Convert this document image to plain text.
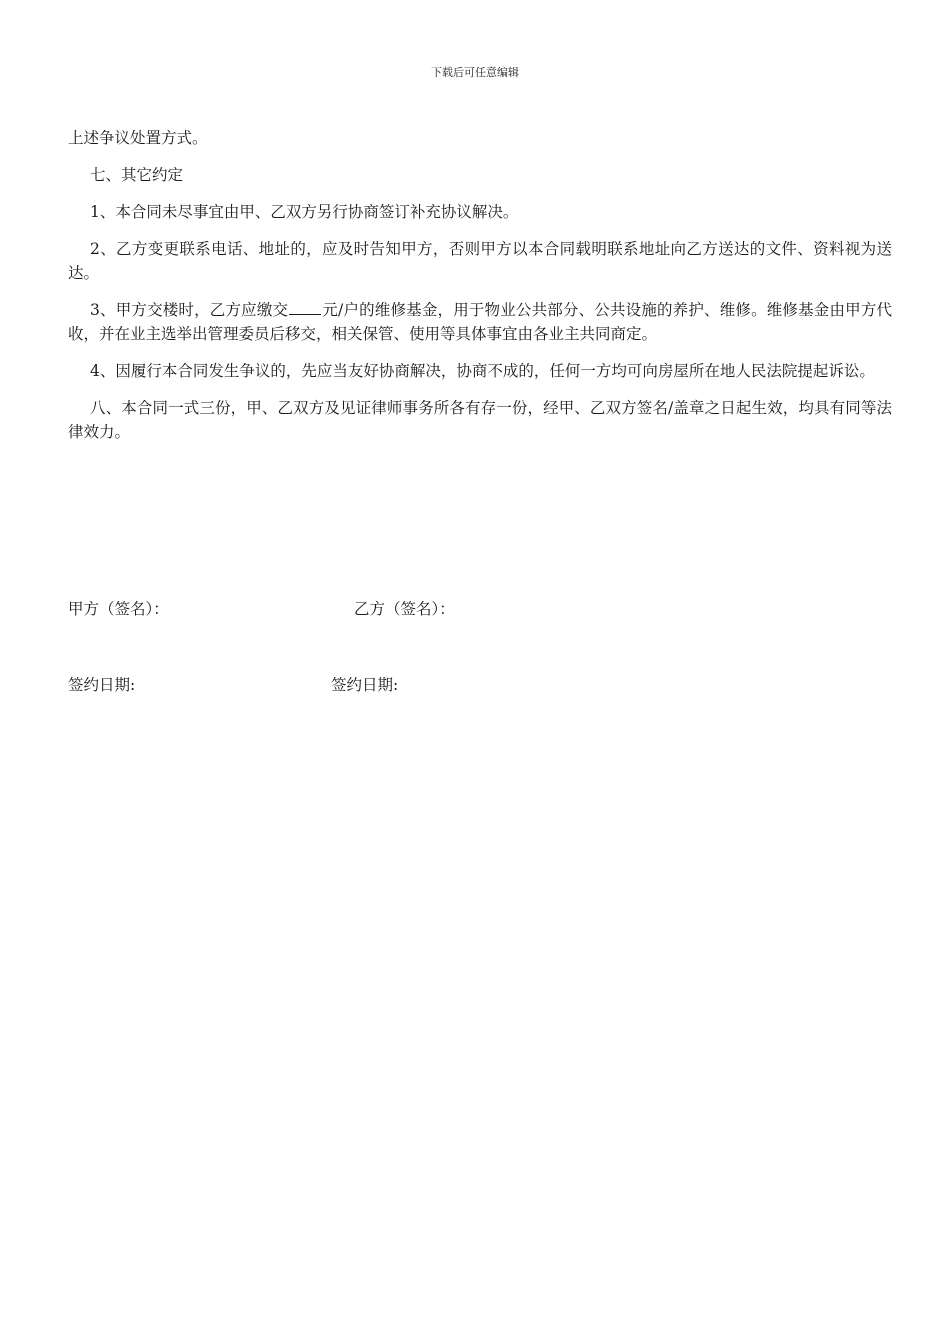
下载后可任意编辑

上述争议处置方式。

七、其它约定

1、本合同未尽事宜由甲、乙双方另行协商签订补充协议解决。

2、乙方变更联系电话、地址的，应及时告知甲方，否则甲方以本合同载明联系地址向乙方送达的文件、资料视为送达。

3、甲方交楼时，乙方应缴交 元/户的维修基金，用于物业公共部分、公共设施的养护、维修。维修基金由甲方代收，并在业主选举出管理委员后移交，相关保管、使用等具体事宜由各业主共同商定。

4、因履行本合同发生争议的，先应当友好协商解决，协商不成的，任何一方均可向房屋所在地人民法院提起诉讼。

八、本合同一式三份，甲、乙双方及见证律师事务所各有存一份，经甲、乙双方签名/盖章之日起生效，均具有同等法律效力。

甲方（签名）：	乙方（签名）：
签约日期:	签约日期:
